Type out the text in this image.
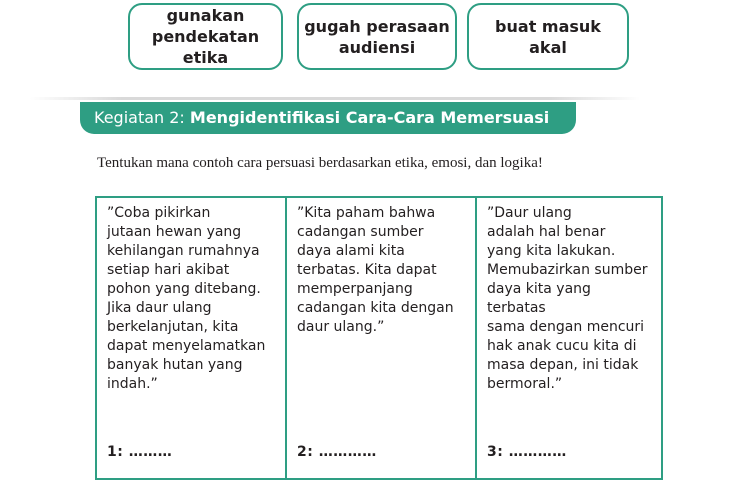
gunakan
pendekatan etika
gugah perasaan
audiensi
buat masuk
akal
Kegiatan 2: Mengidentifikasi Cara-Cara Memersuasi
Tentukan mana contoh cara persuasi berdasarkan etika, emosi, dan logika!
”Coba pikirkan
jutaan hewan yang
kehilangan rumahnya
setiap hari akibat
pohon yang ditebang.
Jika daur ulang
berkelanjutan, kita
dapat menyelamatkan
banyak hutan yang
indah.”
1: ………
”Kita paham bahwa
cadangan sumber
daya alami kita
terbatas. Kita dapat
memperpanjang
cadangan kita dengan
daur ulang.”
2: …………
”Daur ulang
adalah hal benar
yang kita lakukan.
Memubazirkan sumber
daya kita yang terbatas
sama dengan mencuri
hak anak cucu kita di
masa depan, ini tidak
bermoral.”
3: …………
